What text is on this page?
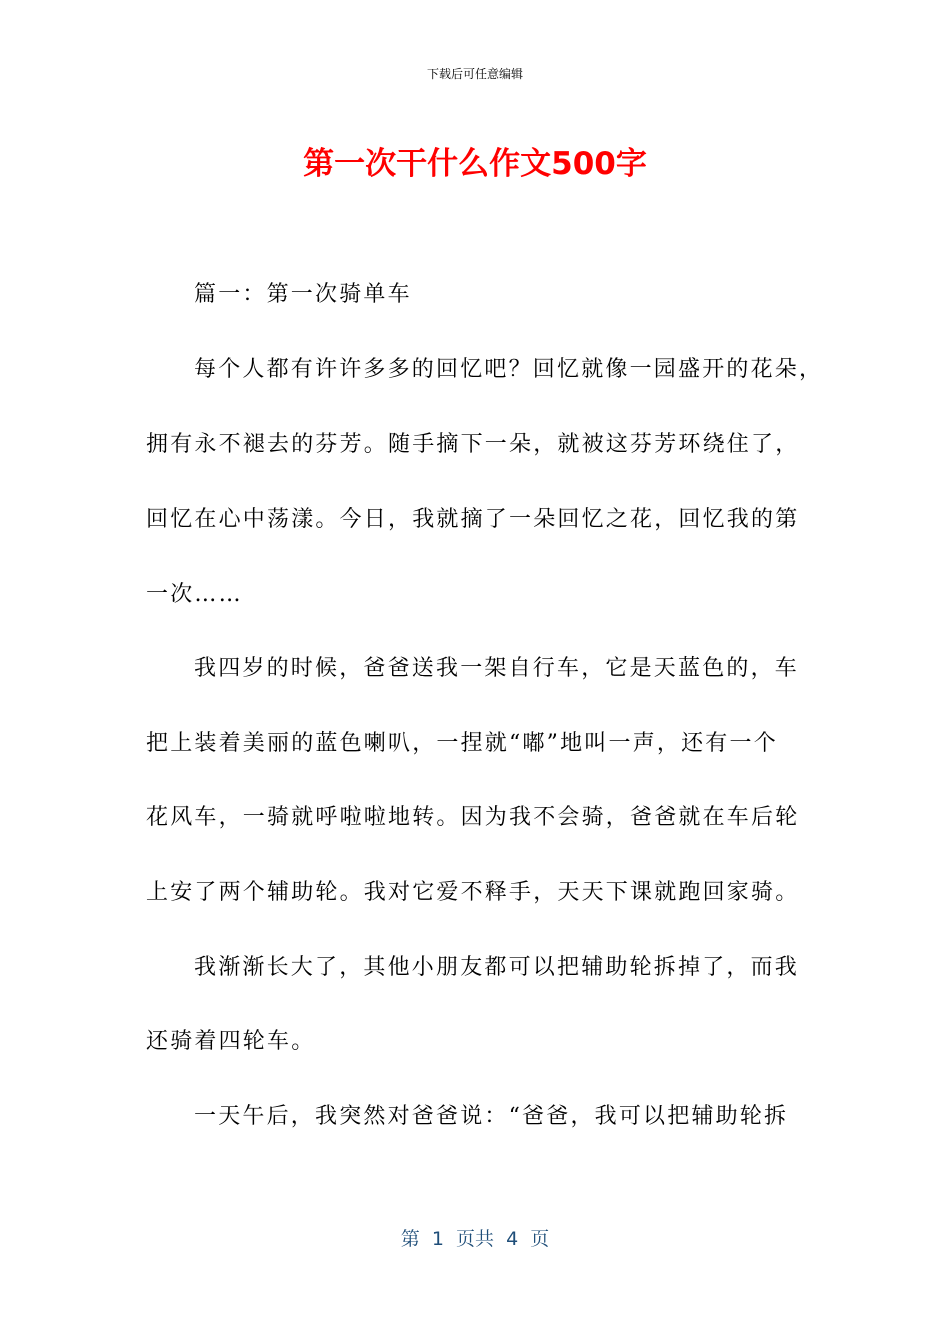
下载后可任意编辑
第一次干什么作文500字

篇一：第一次骑单车

每个人都有许许多多的回忆吧？回忆就像一园盛开的花朵，

拥有永不褪去的芬芳。随手摘下一朵，就被这芬芳环绕住了，

回忆在心中荡漾。今日，我就摘了一朵回忆之花，回忆我的第

一次……

我四岁的时候，爸爸送我一架自行车，它是天蓝色的，车

把上装着美丽的蓝色喇叭，一捏就“嘟”地叫一声，还有一个

花风车，一骑就呼啦啦地转。因为我不会骑，爸爸就在车后轮

上安了两个辅助轮。我对它爱不释手，天天下课就跑回家骑。

我渐渐长大了，其他小朋友都可以把辅助轮拆掉了，而我

还骑着四轮车。

一天午后，我突然对爸爸说：“爸爸，我可以把辅助轮拆

第  1  页共  4  页
